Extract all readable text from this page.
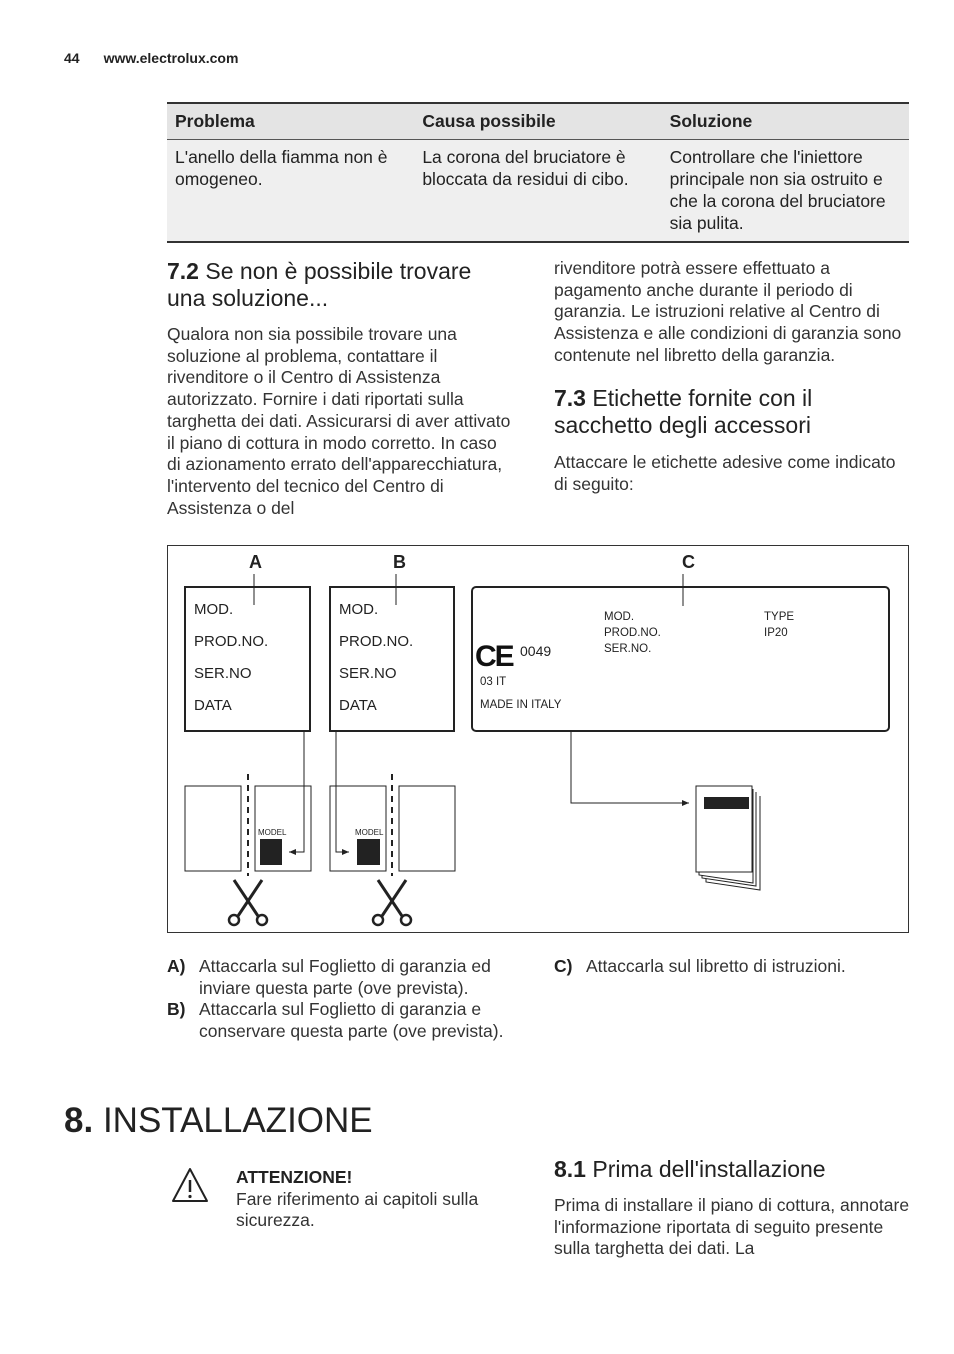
44 www.electrolux.com
Problema	Causa possibile	Soluzione
L'anello della fiamma non è omogeneo.	La corona del bruciatore è bloccata da residui di cibo.	Controllare che l'iniettore principale non sia ostruito e che la corona del bruciatore sia pulita.
7.2 Se non è possibile trovare una soluzione...
Qualora non sia possibile trovare una soluzione al problema, contattare il rivenditore o il Centro di Assistenza autorizzato. Fornire i dati riportati sulla targhetta dei dati. Assicurarsi di aver attivato il piano di cottura in modo corretto. In caso di azionamento errato dell'apparecchiatura, l'intervento del tecnico del Centro di Assistenza o del
rivenditore potrà essere effettuato a pagamento anche durante il periodo di garanzia. Le istruzioni relative al Centro di Assistenza e alle condizioni di garanzia sono contenute nel libretto della garanzia.
7.3 Etichette fornite con il sacchetto degli accessori
Attaccare le etichette adesive come indicato di seguito:
A	B	C
MOD.
PROD.NO.
SER.NO
DATA
MOD.
PROD.NO.
SER.NO
DATA
MOD.
PROD.NO.
SER.NO.
TYPE
IP20
CE 0049
03 IT
MADE IN ITALY
MODEL	MODEL
A) Attaccarla sul Foglietto di garanzia ed inviare questa parte (ove prevista).
B) Attaccarla sul Foglietto di garanzia e conservare questa parte (ove prevista).
C) Attaccarla sul libretto di istruzioni.
8. INSTALLAZIONE
ATTENZIONE!
Fare riferimento ai capitoli sulla sicurezza.
8.1 Prima dell'installazione
Prima di installare il piano di cottura, annotare l'informazione riportata di seguito presente sulla targhetta dei dati. La
